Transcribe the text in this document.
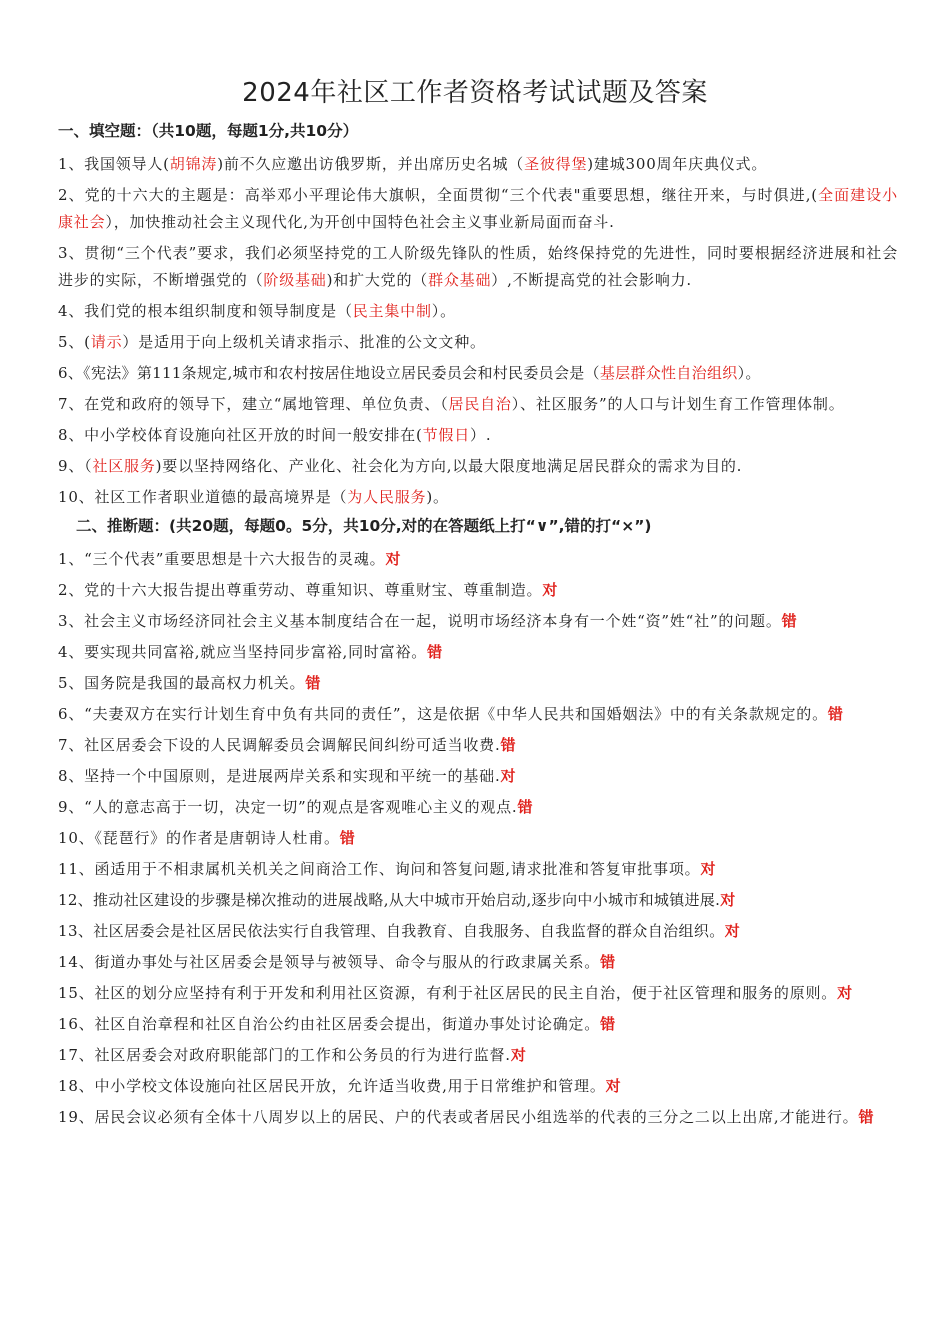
2024年社区工作者资格考试试题及答案
一、填空题：（共10题，每题1分,共10分）

1、我国领导人(胡锦涛)前不久应邀出访俄罗斯，并出席历史名城（圣彼得堡)建城300周年庆典仪式。

2、党的十六大的主题是：高举邓小平理论伟大旗帜，全面贯彻“三个代表"重要思想，继往开来，与时俱进,(全面建设小康社会），加快推动社会主义现代化,为开创中国特色社会主义事业新局面而奋斗.

3、贯彻“三个代表”要求，我们必须坚持党的工人阶级先锋队的性质，始终保持党的先进性，同时要根据经济进展和社会进步的实际，不断增强党的（阶级基础)和扩大党的（群众基础）,不断提高党的社会影响力.

4、我们党的根本组织制度和领导制度是（民主集中制）。

5、(请示）是适用于向上级机关请求指示、批准的公文文种。

6、《宪法》第111条规定,城市和农村按居住地设立居民委员会和村民委员会是（基层群众性自治组织）。

7、在党和政府的领导下，建立“属地管理、单位负责、（居民自治）、社区服务”的人口与计划生育工作管理体制。

8、中小学校体育设施向社区开放的时间一般安排在(节假日）.

9、（社区服务)要以坚持网络化、产业化、社会化为方向,以最大限度地满足居民群众的需求为目的.

10、社区工作者职业道德的最高境界是（为人民服务)。

二、推断题：(共20题，每题0。5分，共10分,对的在答题纸上打“∨”,错的打“×”)

1、“三个代表”重要思想是十六大报告的灵魂。对

2、党的十六大报告提出尊重劳动、尊重知识、尊重财宝、尊重制造。对

3、社会主义市场经济同社会主义基本制度结合在一起，说明市场经济本身有一个姓“资”姓“社”的问题。错

4、要实现共同富裕,就应当坚持同步富裕,同时富裕。错

5、国务院是我国的最高权力机关。错

6、“夫妻双方在实行计划生育中负有共同的责任”，这是依据《中华人民共和国婚姻法》中的有关条款规定的。错

7、社区居委会下设的人民调解委员会调解民间纠纷可适当收费.错

8、坚持一个中国原则，是进展两岸关系和实现和平统一的基础.对

9、“人的意志高于一切，决定一切”的观点是客观唯心主义的观点.错

10、《琵琶行》的作者是唐朝诗人杜甫。错

11、函适用于不相隶属机关机关之间商洽工作、询问和答复问题,请求批准和答复审批事项。对

12、推动社区建设的步骤是梯次推动的进展战略,从大中城市开始启动,逐步向中小城市和城镇进展.对

13、社区居委会是社区居民依法实行自我管理、自我教育、自我服务、自我监督的群众自治组织。对

14、街道办事处与社区居委会是领导与被领导、命令与服从的行政隶属关系。错

15、社区的划分应坚持有利于开发和利用社区资源，有利于社区居民的民主自治，便于社区管理和服务的原则。对

16、社区自治章程和社区自治公约由社区居委会提出，街道办事处讨论确定。错

17、社区居委会对政府职能部门的工作和公务员的行为进行监督.对

18、中小学校文体设施向社区居民开放，允许适当收费,用于日常维护和管理。对

19、居民会议必须有全体十八周岁以上的居民、户的代表或者居民小组选举的代表的三分之二以上出席,才能进行。错
